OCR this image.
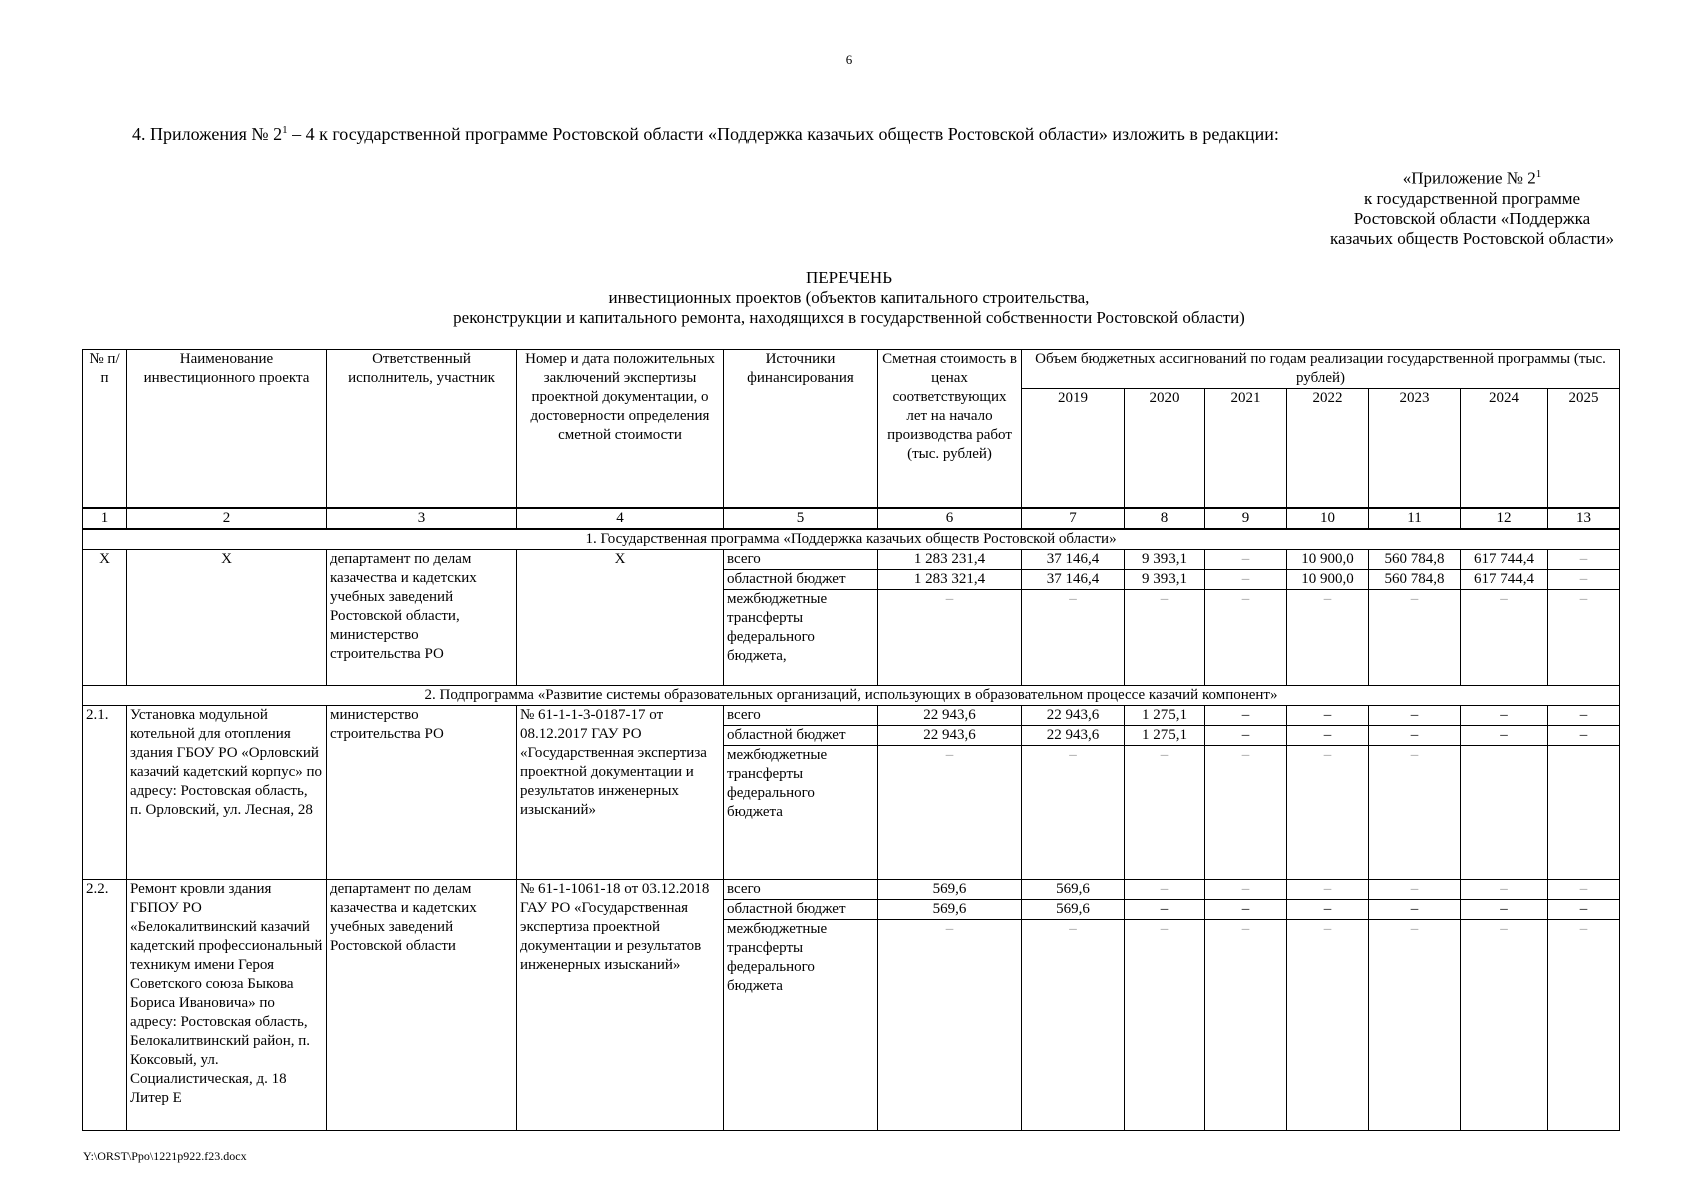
6
4. Приложения № $2^1 - 4$ к государственной программе Ростовской области «Поддержка казачьих обществ Ростовской области» изложить в редакции:
«Приложение № $2^1$
к государственной программе
Ростовской области «Поддержка
казачьих обществ Ростовской области»
ПЕРЕЧЕНЬ
инвестиционных проектов (объектов капитального строительства,
реконструкции и капитального ремонта, находящихся в государственной собственности Ростовской области)
№ п/п	Наименование инвестиционного проекта	Ответственный исполнитель, участник	Номер и дата положительных заключений экспертизы проектной документации, о достоверности определения сметной стоимости	Источники финансирования	Сметная стоимость в ценах соответствующих лет на начало производства работ (тыс. рублей)	Объем бюджетных ассигнований по годам реализации государственной программы (тыс. рублей)						
						2019	2020	2021	2022	2023	2024	2025
1	2	3	4	5	6	7	8	9	10	11	12	13
1. Государственная программа «Поддержка казачьих обществ Ростовской области»												
Х	Х	департамент по делам казачества и кадетских учебных заведений Ростовской области, министерство строительства РО	Х	всего	1 283 231,4	37 146,4	9 393,1	–	10 900,0	560 784,8	617 744,4	–
				областной бюджет	1 283 321,4	37 146,4	9 393,1	–	10 900,0	560 784,8	617 744,4	–
				межбюджетные трансферты федерального бюджета,	–	–	–	–	–	–	–	–
2. Подпрограмма «Развитие системы образовательных организаций, использующих в образовательном процессе казачий компонент»												
2.1.	Установка модульной котельной для отопления здания ГБОУ РО «Орловский казачий кадетский корпус» по адресу: Ростовская область, п. Орловский, ул. Лесная, 28	министерство строительства РО	№ 61-1-1-3-0187-17 от 08.12.2017 ГАУ РО «Государственная экспертиза проектной документации и результатов инженерных изысканий»	всего	22 943,6	22 943,6	1 275,1	–	–	–	–	–
				областной бюджет	22 943,6	22 943,6	1 275,1	–	–	–	–	–
				межбюджетные трансферты федерального бюджета	–	–	–	–	–	–		
2.2.	Ремонт кровли здания ГБПОУ РО «Белокалитвинский казачий кадетский профессиональный техникум имени Героя Советского союза Быкова Бориса Ивановича» по адресу: Ростовская область, Белокалитвинский район, п. Коксовый, ул. Социалистическая, д. 18 Литер Е	департамент по делам казачества и кадетских учебных заведений Ростовской области	№ 61-1-1061-18 от 03.12.2018 ГАУ РО «Государственная экспертиза проектной документации и результатов инженерных изысканий»	всего	569,6	569,6	–	–	–	–	–	–
				областной бюджет	569,6	569,6	–	–	–	–	–	–
				межбюджетные трансферты федерального бюджета	–	–	–	–	–	–	–	–
Y:\ORST\Ppo\1221p922.f23.docx
